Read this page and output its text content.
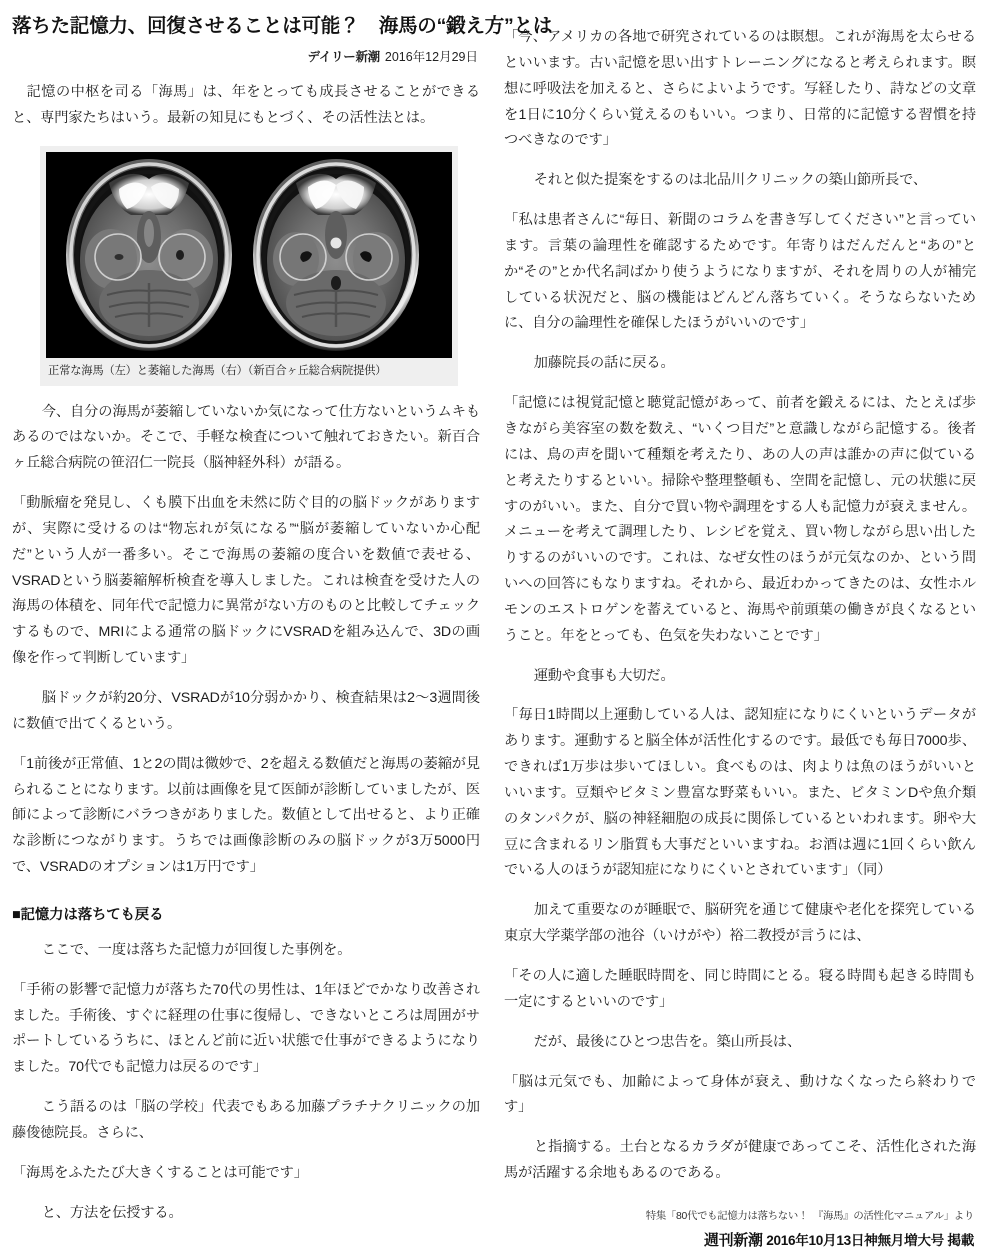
落ちた記憶力、回復させることは可能？　海馬の“鍛え方”とは
デイリー新潮 2016年12月29日

　記憶の中枢を司る「海馬」は、年をとっても成長させることができると、専門家たちはいう。最新の知見にもとづく、その活性法とは。

正常な海馬（左）と萎縮した海馬（右）（新百合ヶ丘総合病院提供）

　今、自分の海馬が萎縮していないか気になって仕方ないというムキもあるのではないか。そこで、手軽な検査について触れておきたい。新百合ヶ丘総合病院の笹沼仁一院長（脳神経外科）が語る。

「動脈瘤を発見し、くも膜下出血を未然に防ぐ目的の脳ドックがありますが、実際に受けるのは“物忘れが気になる”“脳が萎縮していないか心配だ”という人が一番多い。そこで海馬の萎縮の度合いを数値で表せる、VSRADという脳萎縮解析検査を導入しました。これは検査を受けた人の海馬の体積を、同年代で記憶力に異常がない方のものと比較してチェックするもので、MRIによる通常の脳ドックにVSRADを組み込んで、3Dの画像を作って判断しています」

　脳ドックが約20分、VSRADが10分弱かかり、検査結果は2〜3週間後に数値で出てくるという。

「1前後が正常値、1と2の間は微妙で、2を超える数値だと海馬の萎縮が見られることになります。以前は画像を見て医師が診断していましたが、医師によって診断にバラつきがありました。数値として出せると、より正確な診断につながります。うちでは画像診断のみの脳ドックが3万5000円で、VSRADのオプションは1万円です」

■記憶力は落ちても戻る

　ここで、一度は落ちた記憶力が回復した事例を。

「手術の影響で記憶力が落ちた70代の男性は、1年ほどでかなり改善されました。手術後、すぐに経理の仕事に復帰し、できないところは周囲がサポートしているうちに、ほとんど前に近い状態で仕事ができるようになりました。70代でも記憶力は戻るのです」

　こう語るのは「脳の学校」代表でもある加藤プラチナクリニックの加藤俊徳院長。さらに、

「海馬をふたたび大きくすることは可能です」

　と、方法を伝授する。

「今、アメリカの各地で研究されているのは瞑想。これが海馬を太らせるといいます。古い記憶を思い出すトレーニングになると考えられます。瞑想に呼吸法を加えると、さらによいようです。写経したり、詩などの文章を1日に10分くらい覚えるのもいい。つまり、日常的に記憶する習慣を持つべきなのです」

　それと似た提案をするのは北品川クリニックの築山節所長で、

「私は患者さんに“毎日、新聞のコラムを書き写してください”と言っています。言葉の論理性を確認するためです。年寄りはだんだんと“あの”とか“その”とか代名詞ばかり使うようになりますが、それを周りの人が補完している状況だと、脳の機能はどんどん落ちていく。そうならないために、自分の論理性を確保したほうがいいのです」

　加藤院長の話に戻る。

「記憶には視覚記憶と聴覚記憶があって、前者を鍛えるには、たとえば歩きながら美容室の数を数え、“いくつ目だ”と意識しながら記憶する。後者には、鳥の声を聞いて種類を考えたり、あの人の声は誰かの声に似ていると考えたりするといい。掃除や整理整頓も、空間を記憶し、元の状態に戻すのがいい。また、自分で買い物や調理をする人も記憶力が衰えません。メニューを考えて調理したり、レシピを覚え、買い物しながら思い出したりするのがいいのです。これは、なぜ女性のほうが元気なのか、という問いへの回答にもなりますね。それから、最近わかってきたのは、女性ホルモンのエストロゲンを蓄えていると、海馬や前頭葉の働きが良くなるということ。年をとっても、色気を失わないことです」

　運動や食事も大切だ。

「毎日1時間以上運動している人は、認知症になりにくいというデータがあります。運動すると脳全体が活性化するのです。最低でも毎日7000歩、できれば1万歩は歩いてほしい。食べものは、肉よりは魚のほうがいいといいます。豆類やビタミン豊富な野菜もいい。また、ビタミンDや魚介類のタンパクが、脳の神経細胞の成長に関係しているといわれます。卵や大豆に含まれるリン脂質も大事だといいますね。お酒は週に1回くらい飲んでいる人のほうが認知症になりにくいとされています」（同）

　加えて重要なのが睡眠で、脳研究を通じて健康や老化を探究している東京大学薬学部の池谷（いけがや）裕二教授が言うには、

「その人に適した睡眠時間を、同じ時間にとる。寝る時間も起きる時間も一定にするといいのです」

　だが、最後にひとつ忠告を。築山所長は、

「脳は元気でも、加齢によって身体が衰え、動けなくなったら終わりです」

　と指摘する。土台となるカラダが健康であってこそ、活性化された海馬が活躍する余地もあるのである。

特集「80代でも記憶力は落ちない！　『海馬』の活性化マニュアル」より
週刊新潮 2016年10月13日神無月増大号 掲載
